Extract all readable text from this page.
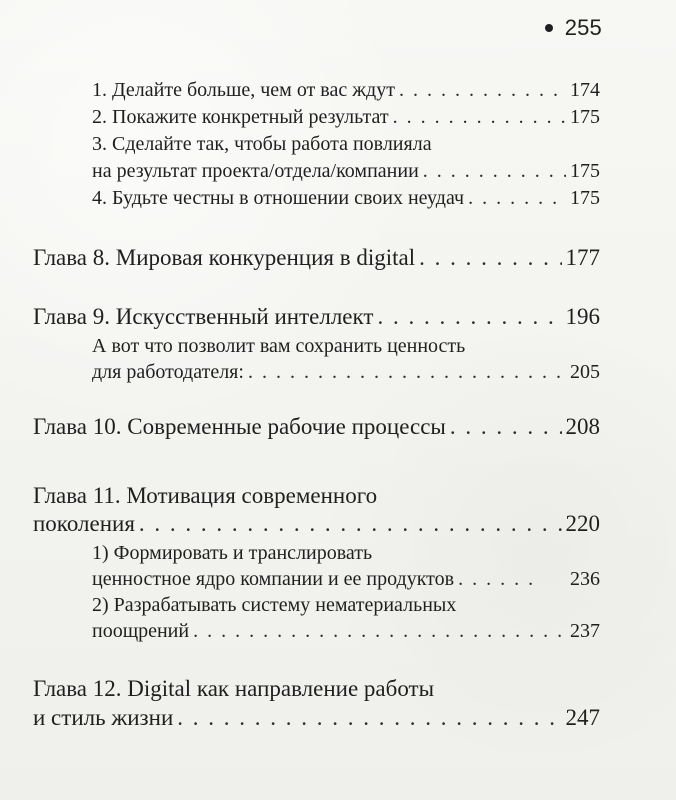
255
1. Делайте больше, чем от вас ждут . . .	174
2. Покажите конкретный результат . . .	175
3. Сделайте так, чтобы работа повлияла
на результат проекта/отдела/компании . . .	175
4. Будьте честны в отношении своих неудач . . .	175
Глава 8. Мировая конкуренция в digital . . .	177
Глава 9. Искусственный интеллект . . .	196
А вот что позволит вам сохранить ценность
для работодателя: . . .	205
Глава 10. Современные рабочие процессы . . .	208
Глава 11. Мотивация современного
поколения . . .	220
1) Формировать и транслировать
ценностное ядро компании и ее продуктов . . .	236
2) Разрабатывать систему нематериальных
поощрений . . .	237
Глава 12. Digital как направление работы
и стиль жизни . . .	247
